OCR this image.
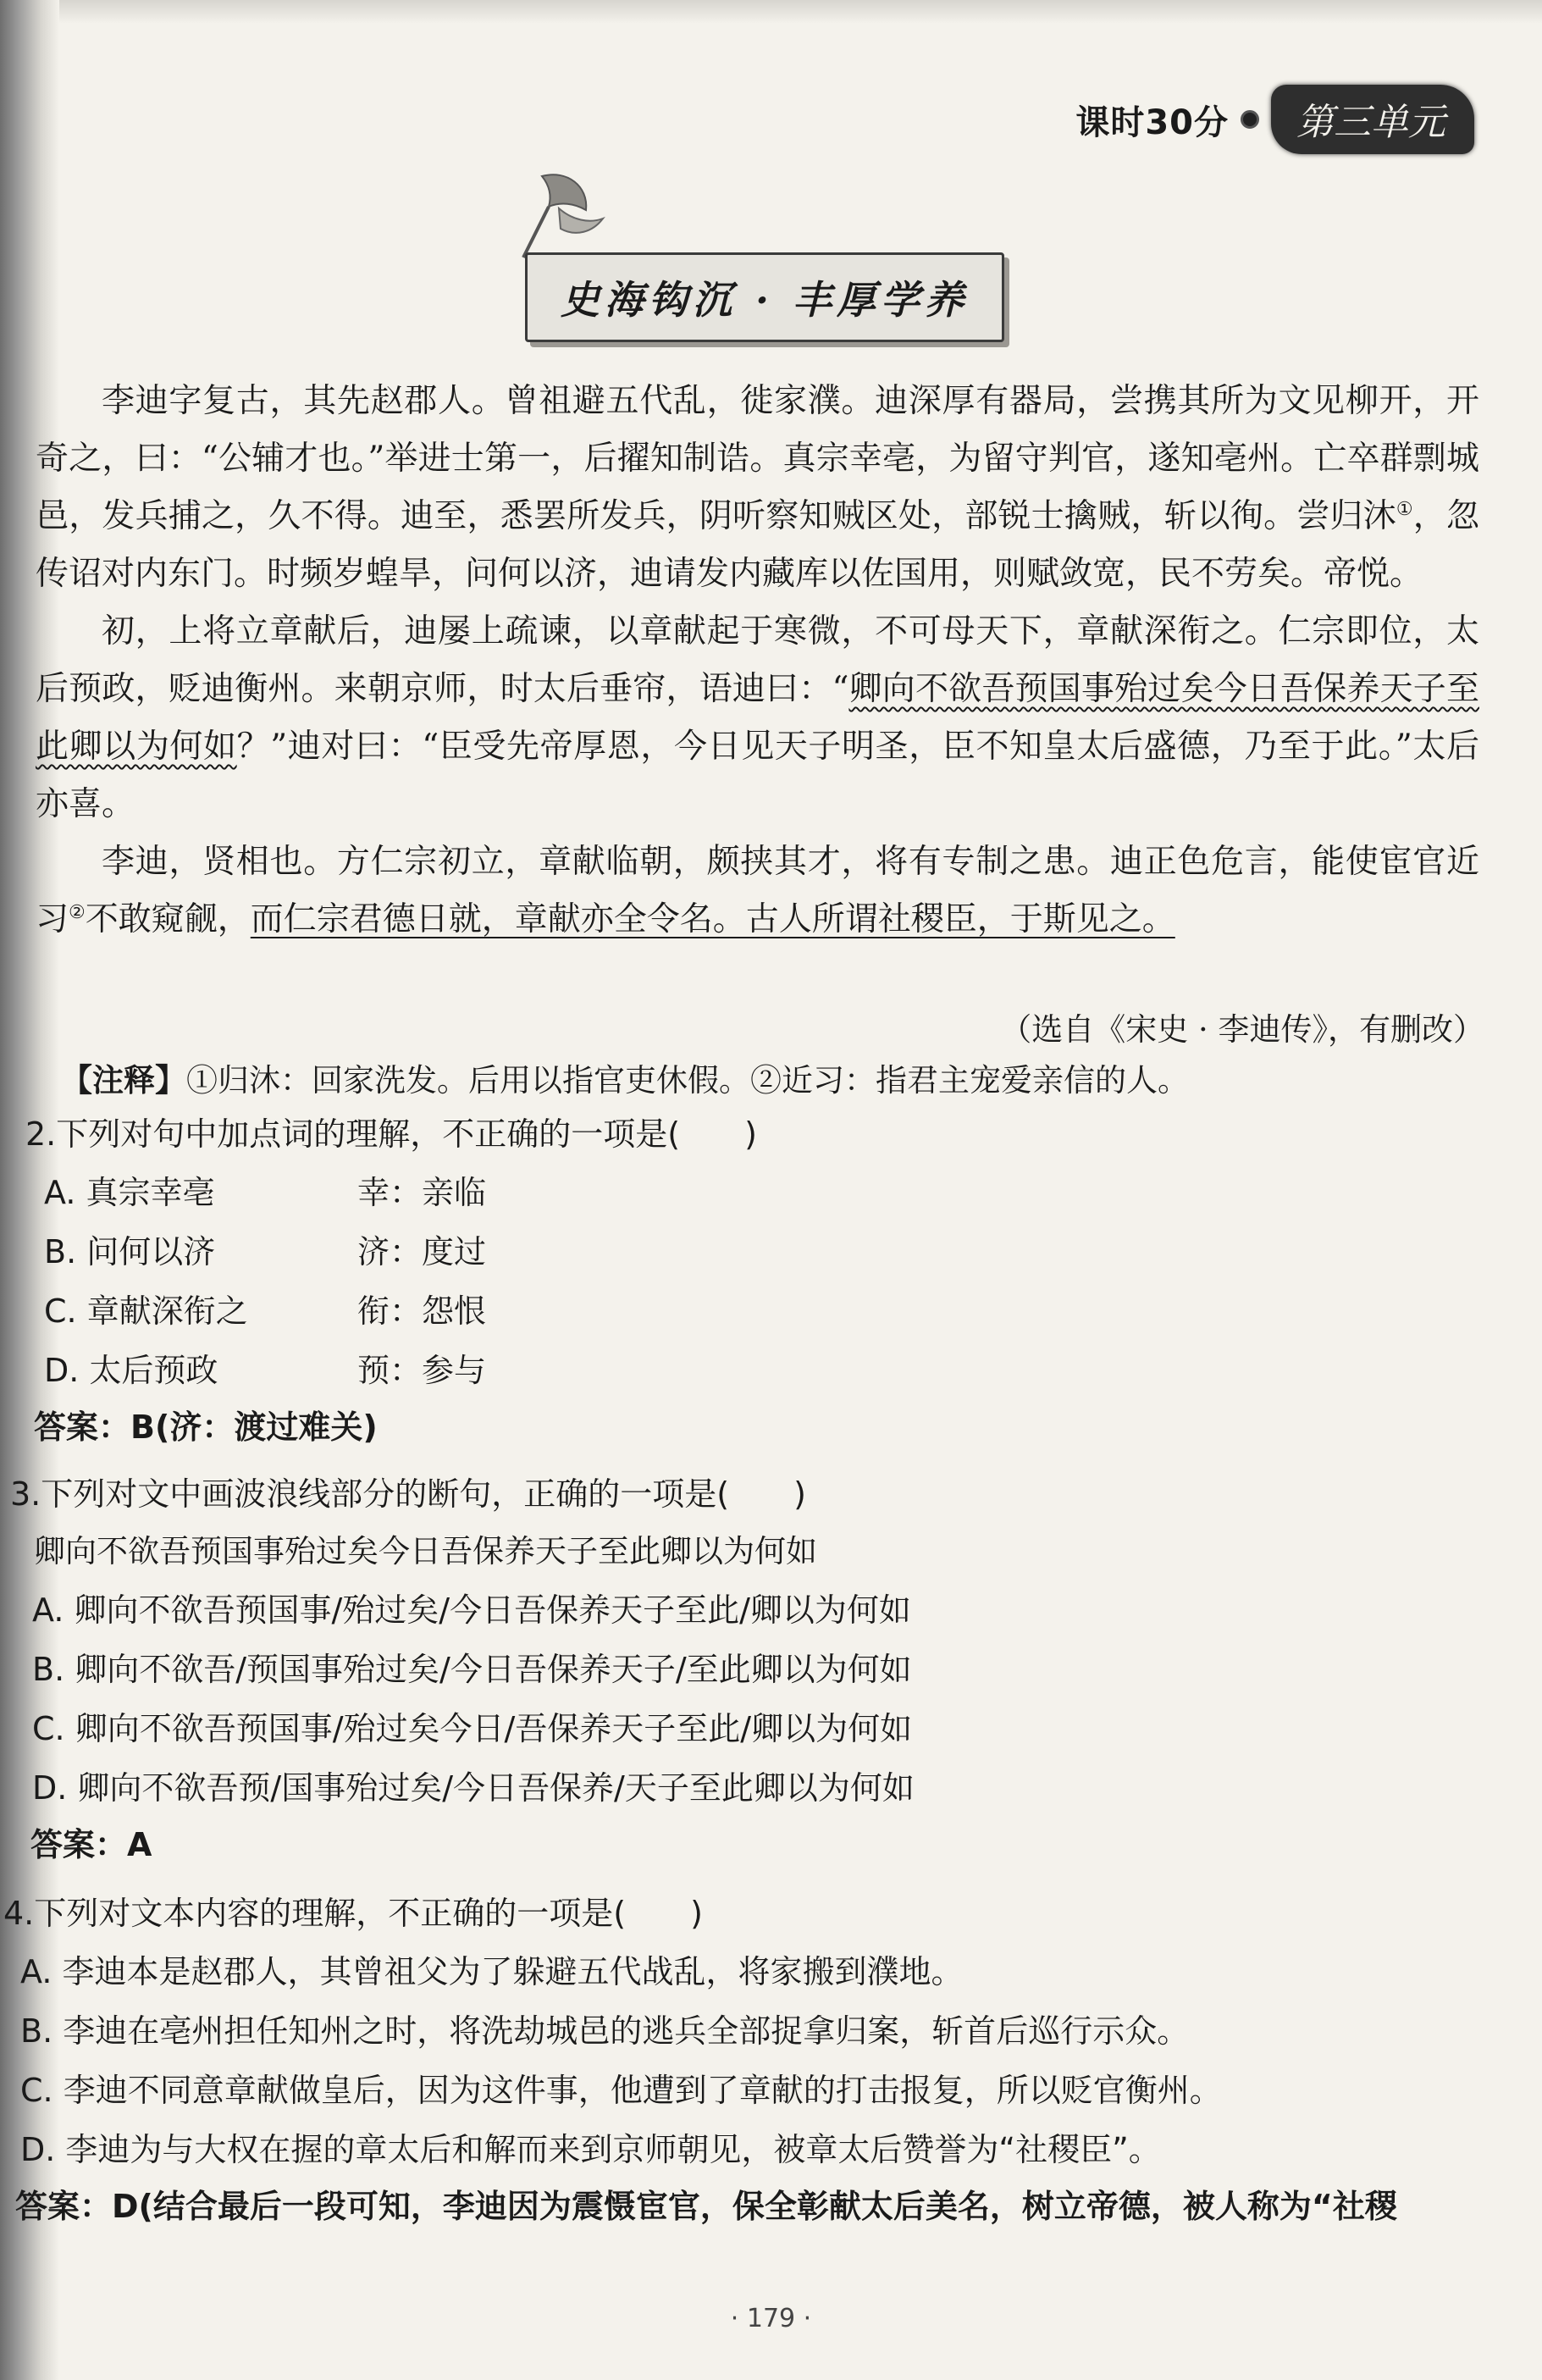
课时30分	第三单元
史海钩沉 · 丰厚学养

李迪字复古，其先赵郡人。曾祖避五代乱，徙家濮。迪深厚有器局，尝携其所为文见柳开，开奇之，曰：“公辅才也。”举进士第一，后擢知制诰。真宗幸亳，为留守判官，遂知亳州。亡卒群剽城邑，发兵捕之，久不得。迪至，悉罢所发兵，阴听察知贼区处，部锐士擒贼，斩以徇。尝归沐①，忽传诏对内东门。时频岁蝗旱，问何以济，迪请发内藏库以佐国用，则赋敛宽，民不劳矣。帝悦。

初，上将立章献后，迪屡上疏谏，以章献起于寒微，不可母天下，章献深衔之。仁宗即位，太后预政，贬迪衡州。来朝京师，时太后垂帘，语迪曰：“卿向不欲吾预国事殆过矣今日吾保养天子至此卿以为何如？”迪对曰：“臣受先帝厚恩，今日见天子明圣，臣不知皇太后盛德，乃至于此。”太后亦喜。

李迪，贤相也。方仁宗初立，章献临朝，颇挟其才，将有专制之患。迪正色危言，能使宦官近习②不敢窥觎，而仁宗君德日就，章献亦全令名。古人所谓社稷臣，于斯见之。

（选自《宋史 · 李迪传》，有删改）
【注释】①归沐：回家洗发。后用以指官吏休假。②近习：指君主宠爱亲信的人。
2.下列对句中加点词的理解，不正确的一项是(　　)
A. 真宗幸亳	幸：亲临
B. 问何以济	济：度过
C. 章献深衔之	衔：怨恨
D. 太后预政	预：参与
答案：B(济：渡过难关)
3.下列对文中画波浪线部分的断句，正确的一项是(　　)
卿向不欲吾预国事殆过矣今日吾保养天子至此卿以为何如
A. 卿向不欲吾预国事/殆过矣/今日吾保养天子至此/卿以为何如
B. 卿向不欲吾/预国事殆过矣/今日吾保养天子/至此卿以为何如
C. 卿向不欲吾预国事/殆过矣今日/吾保养天子至此/卿以为何如
D. 卿向不欲吾预/国事殆过矣/今日吾保养/天子至此卿以为何如
答案：A
4.下列对文本内容的理解，不正确的一项是(　　)
A. 李迪本是赵郡人，其曾祖父为了躲避五代战乱，将家搬到濮地。
B. 李迪在亳州担任知州之时，将洗劫城邑的逃兵全部捉拿归案，斩首后巡行示众。
C. 李迪不同意章献做皇后，因为这件事，他遭到了章献的打击报复，所以贬官衡州。
D. 李迪为与大权在握的章太后和解而来到京师朝见，被章太后赞誉为“社稷臣”。
答案：D(结合最后一段可知，李迪因为震慑宦官，保全彰献太后美名，树立帝德，被人称为“社稷
· 179 ·
